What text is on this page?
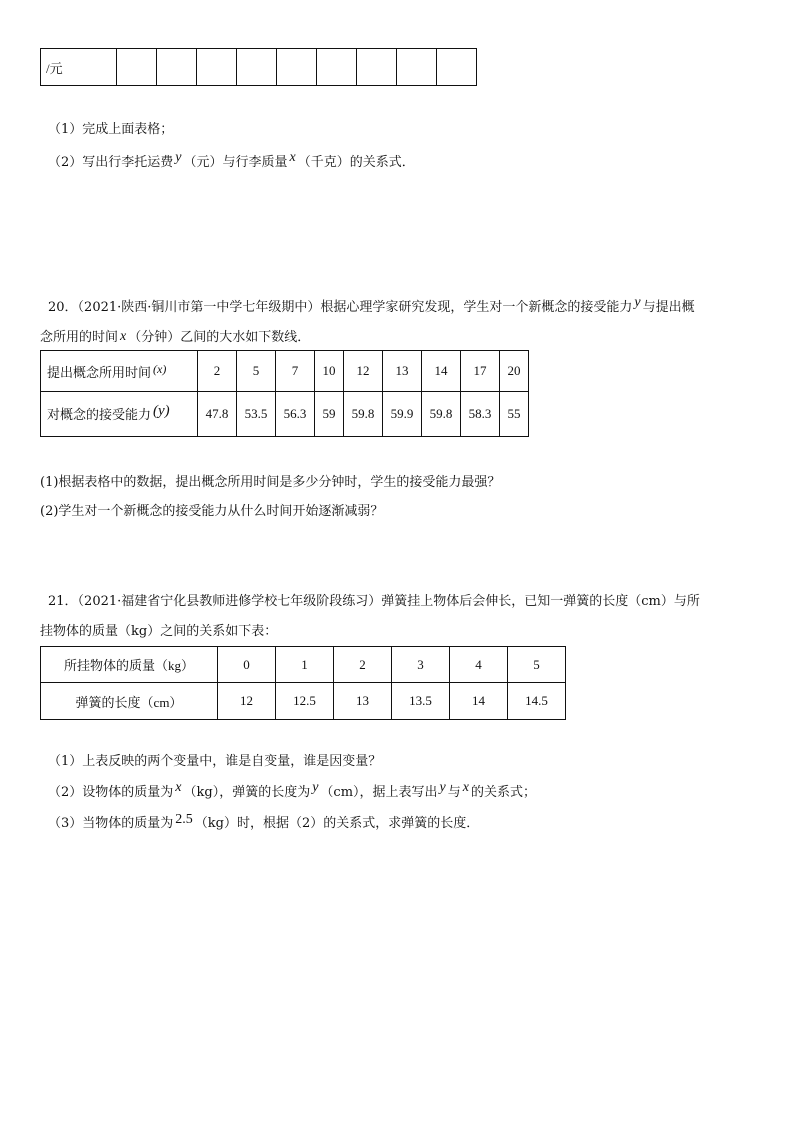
/元									
（1）完成上面表格；
（2）写出行李托运费 y （元）与行李质量 x （千克）的关系式．
20．（2021·陕西·铜川市第一中学七年级期中）根据心理学家研究发现，学生对一个新概念的接受能力 y 与提出概
念所用的时间 x （分钟）乙间的大水如下数线．
提出概念所用时间 (x)	2	5	7	10	12	13	14	17	20
对概念的接受能力 (y)	47.8	53.5	56.3	59	59.8	59.9	59.8	58.3	55
(1)根据表格中的数据，提出概念所用时间是多少分钟时，学生的接受能力最强？
(2)学生对一个新概念的接受能力从什么时间开始逐渐减弱？
21．（2021·福建省宁化县教师进修学校七年级阶段练习）弹簧挂上物体后会伸长，已知一弹簧的长度（cm）与所
挂物体的质量（kg）之间的关系如下表：
所挂物体的质量（kg）	0	1	2	3	4	5
弹簧的长度（cm）	12	12.5	13	13.5	14	14.5
（1）上表反映的两个变量中，谁是自变量，谁是因变量？
（2）设物体的质量为 x （kg），弹簧的长度为 y （cm），据上表写出 y 与 x 的关系式；
（3）当物体的质量为 2.5 （kg）时，根据（2）的关系式，求弹簧的长度．
